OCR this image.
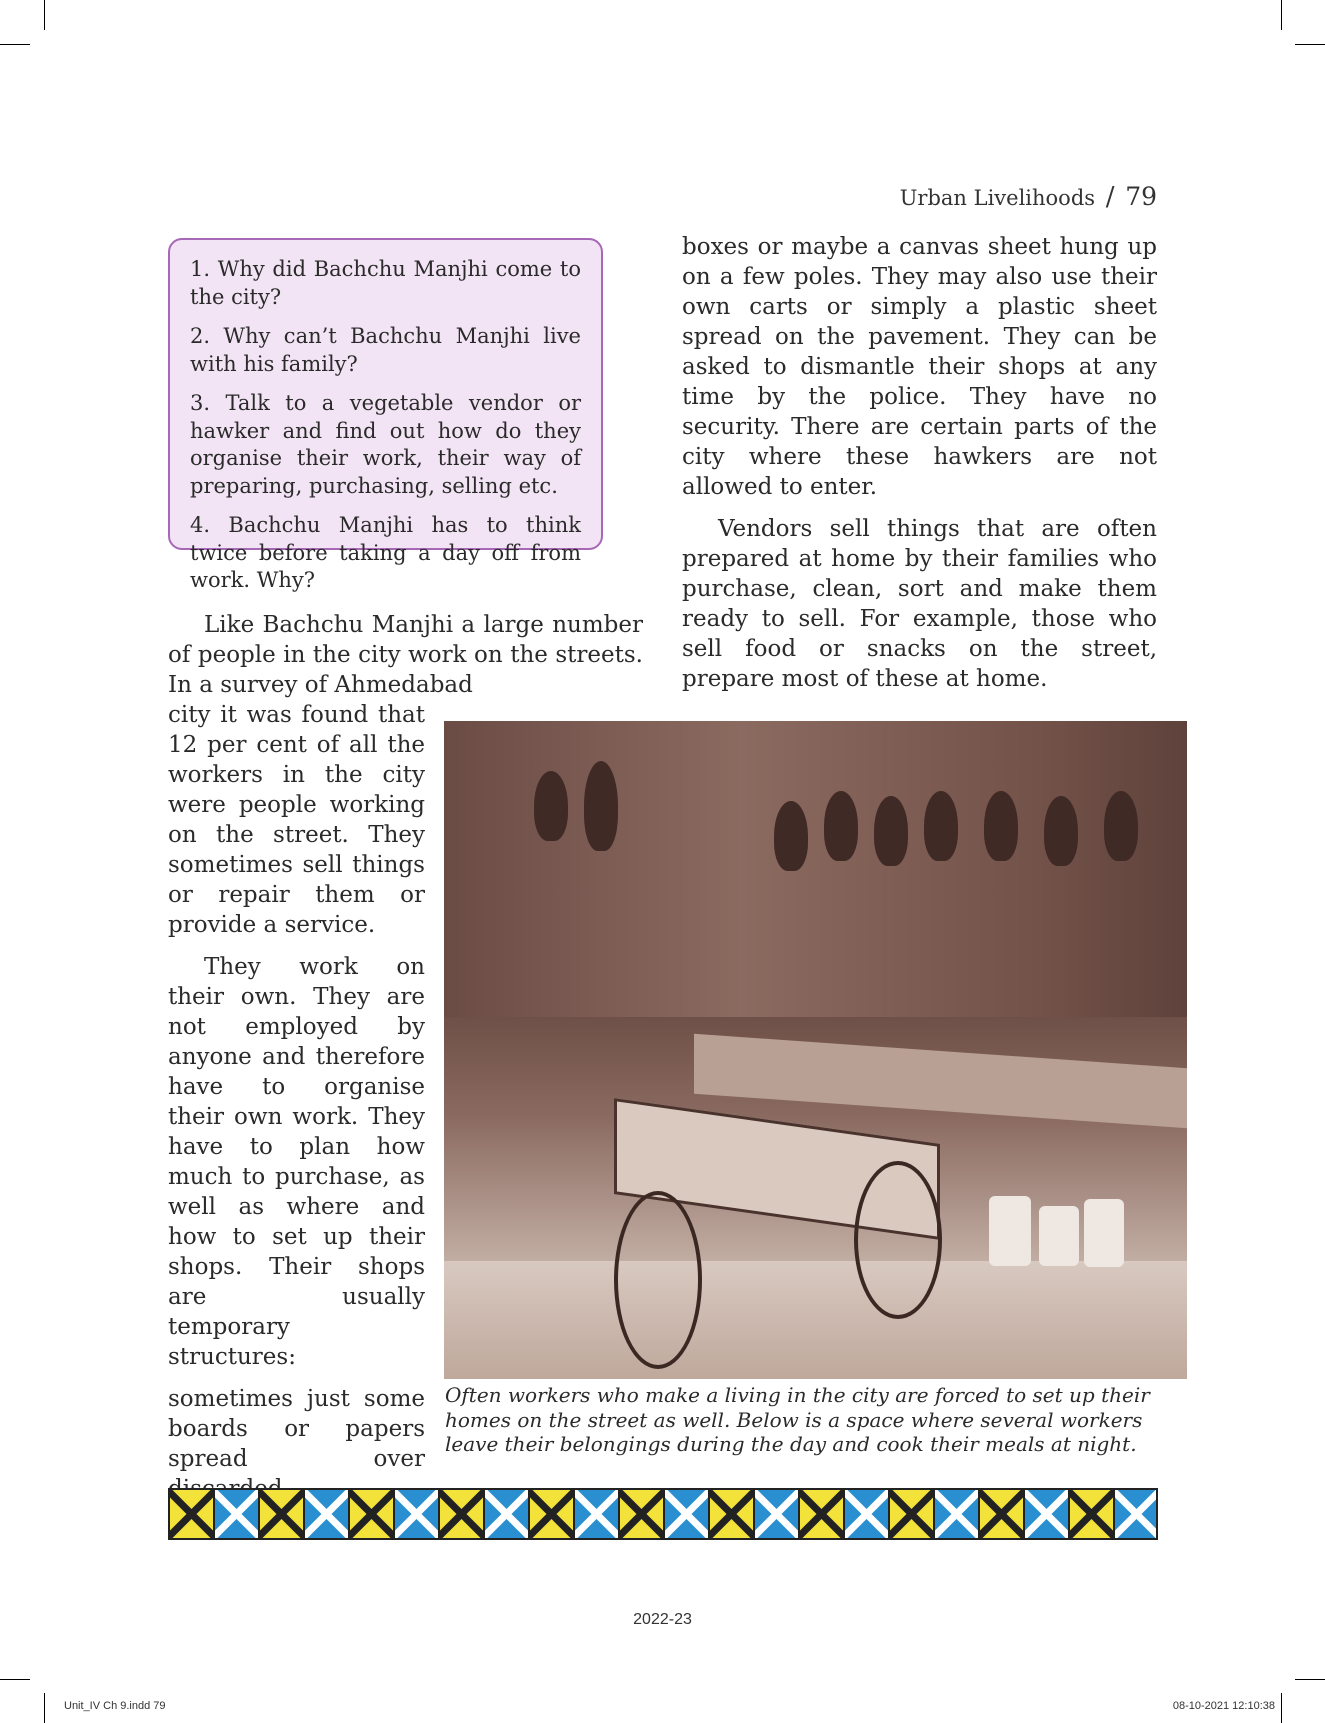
Urban Livelihoods / 79

1. Why did Bachchu Manjhi come to the city?

2. Why can’t Bachchu Manjhi live with his family?

3. Talk to a vegetable vendor or hawker and find out how do they organise their work, their way of preparing, purchasing, selling etc.

4. Bachchu Manjhi has to think twice before taking a day off from work. Why?

boxes or maybe a canvas sheet hung up on a few poles. They may also use their own carts or simply a plastic sheet spread on the pavement. They can be asked to dismantle their shops at any time by the police. They have no security. There are certain parts of the city where these hawkers are not allowed to enter.

Vendors sell things that are often prepared at home by their families who purchase, clean, sort and make them ready to sell. For example, those who sell food or snacks on the street, prepare most of these at home.

Like Bachchu Manjhi a large number of people in the city work on the streets. In a survey of Ahmedabad

city it was found that 12 per cent of all the workers in the city were people working on the street. They sometimes sell things or repair them or provide a service.

They work on their own. They are not employed by anyone and therefore have to organise their own work. They have to plan how much to purchase, as well as where and how to set up their shops. Their shops are usually temporary structures:

sometimes just some boards or papers spread over

Often workers who make a living in the city are forced to set up their homes on the street as well. Below is a space where several workers leave their belongings during the day and cook their meals at night.
2022-23
Unit_IV Ch 9.indd 79	08-10-2021 12:10:38
